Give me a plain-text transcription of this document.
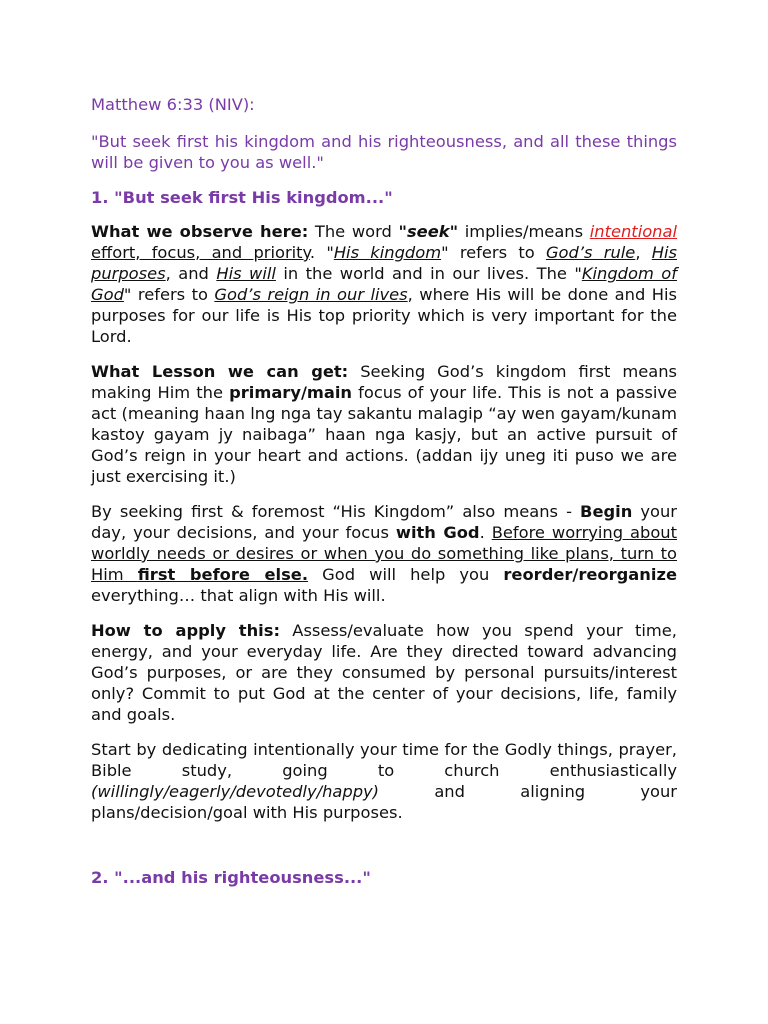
Matthew 6:33 (NIV):

"But seek first his kingdom and his righteousness, and all these things will be given to you as well."

1. "But seek first His kingdom..."

What we observe here: The word "seek" implies/means intentional effort, focus, and priority. "His kingdom" refers to God’s rule, His purposes, and His will in the world and in our lives. The "Kingdom of God" refers to God’s reign in our lives, where His will be done and His purposes for our life is His top priority which is very important for the Lord.

What Lesson we can get: Seeking God’s kingdom first means making Him the primary/main focus of your life. This is not a passive act (meaning haan lng nga tay sakantu malagip “ay wen gayam/kunam kastoy gayam jy naibaga” haan nga kasjy, but an active pursuit of God’s reign in your heart and actions. (addan ijy uneg iti puso we are just exercising it.)

By seeking first & foremost “His Kingdom” also means - Begin your day, your decisions, and your focus with God. Before worrying about worldly needs or desires or when you do something like plans, turn to Him first before else. God will help you reorder/reorganize everything… that align with His will.

How to apply this: Assess/evaluate how you spend your time, energy, and your everyday life. Are they directed toward advancing God’s purposes, or are they consumed by personal pursuits/interest only? Commit to put God at the center of your decisions, life, family and goals.

Start by dedicating intentionally your time for the Godly things, prayer, Bible study, going to church enthusiastically (willingly/eagerly/devotedly/happy) and aligning your plans/decision/goal with His purposes.

2. "...and his righteousness..."
